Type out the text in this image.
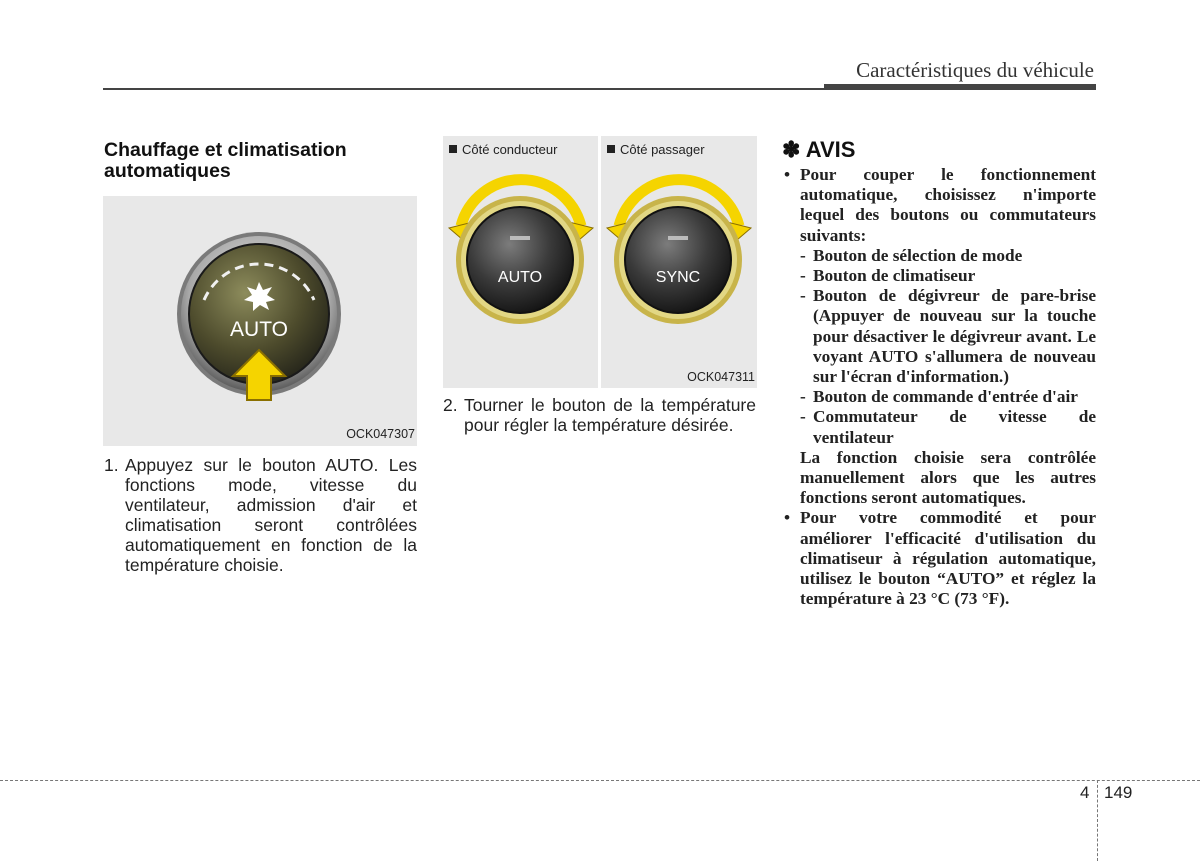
Caractéristiques du véhicule
Chauffage et climatisation automatiques
AUTO
OCK047307
1. Appuyez sur le bouton AUTO. Les fonctions mode, vitesse du ventilateur, admission d'air et climatisation seront contrôlées automatiquement en fonction de la température choisie.
Côté conducteur
AUTO
Côté passager
SYNC
OCK047311
2. Tourner le bouton de la température pour régler la température désirée.
✽ AVIS

• Pour couper le fonctionnement automatique, choisissez n'importe lequel des boutons ou commutateurs suivants:

- Bouton de sélection de mode

- Bouton de climatiseur

- Bouton de dégivreur de pare-brise (Appuyer de nouveau sur la touche pour désactiver le dégivreur avant. Le voyant AUTO s'allumera de nouveau sur l'écran d'information.)

- Bouton de commande d'entrée d'air

- Commutateur de vitesse de ventilateur

La fonction choisie sera contrôlée manuellement alors que les autres fonctions seront automatiques.

• Pour votre commodité et pour améliorer l'efficacité d'utilisation du climatiseur à régulation automatique, utilisez le bouton “AUTO” et réglez la température à 23 °C (73 °F).

4 149
